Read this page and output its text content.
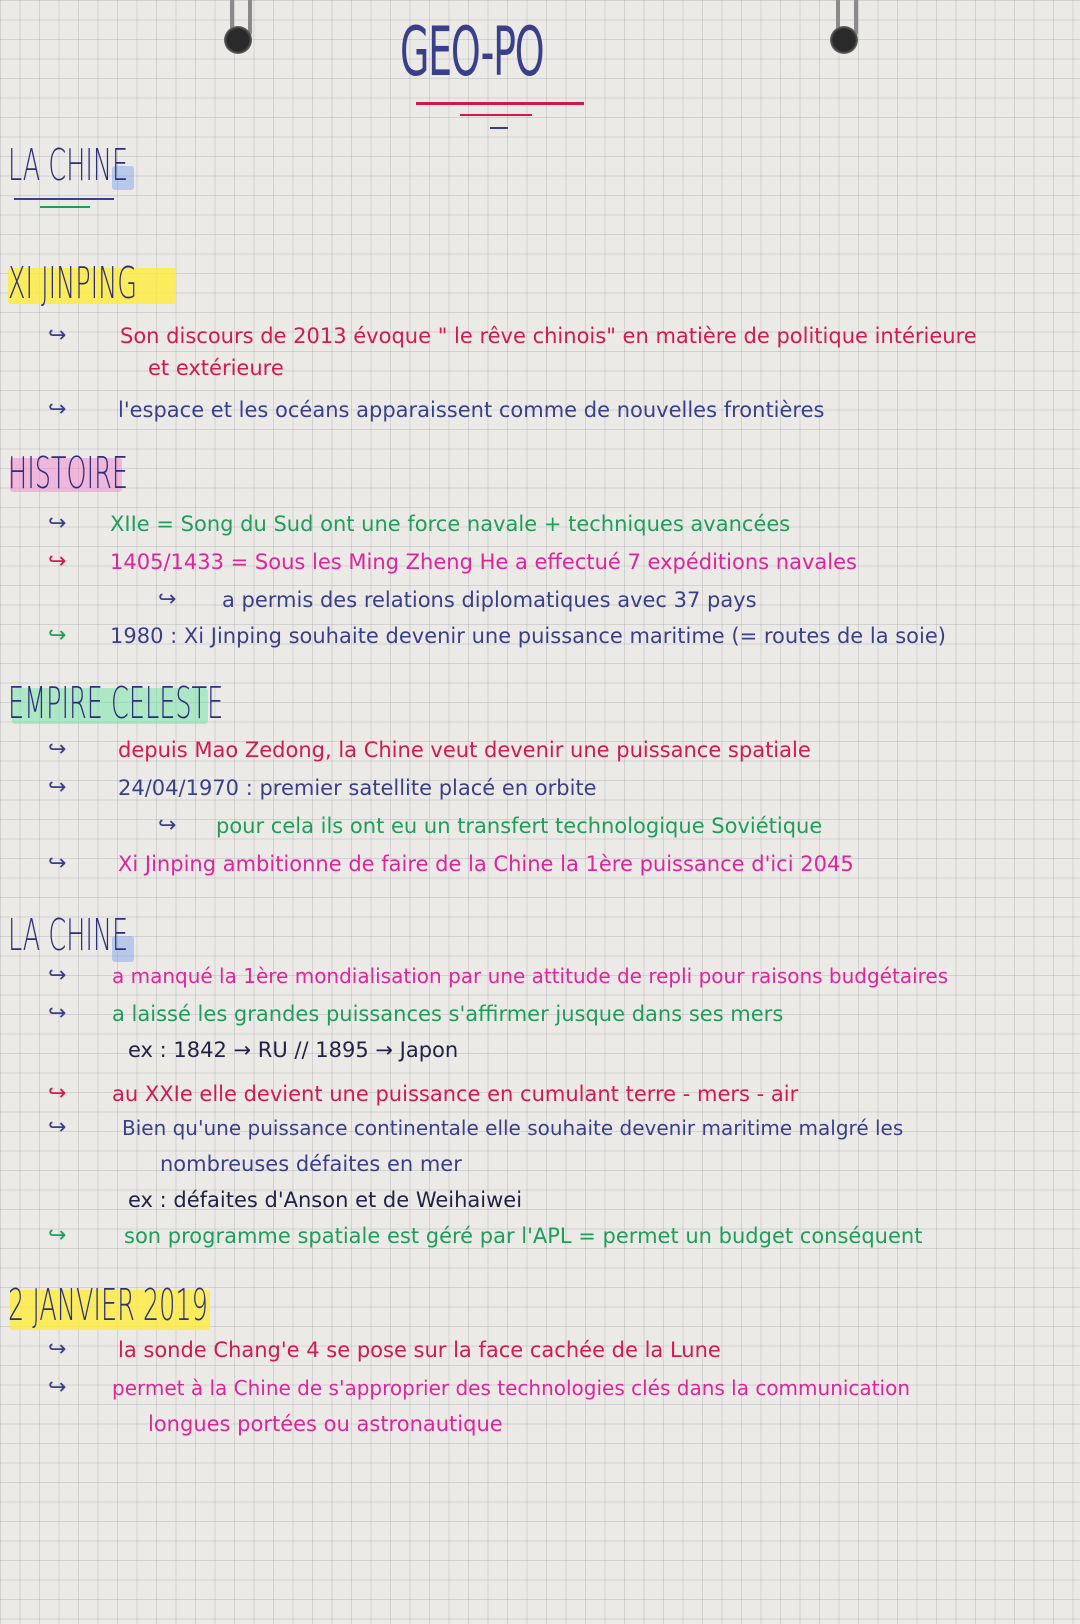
GEO-PO
LA CHINE
XI JINPING
↪	Son discours de 2013 évoque " le rêve chinois" en matière de politique intérieure
et extérieure
↪ l'espace et les océans apparaissent comme de nouvelles frontières
HISTOIRE
↪ XIIe = Song du Sud ont une force navale + techniques avancées
↪ 1405/1433 = Sous les Ming Zheng He a effectué 7 expéditions navales
↪ a permis des relations diplomatiques avec 37 pays
↪ 1980 : Xi Jinping souhaite devenir une puissance maritime (= routes de la soie)
EMPIRE CELESTE
↪ depuis Mao Zedong, la Chine veut devenir une puissance spatiale
↪ 24/04/1970 : premier satellite placé en orbite
↪ pour cela ils ont eu un transfert technologique Soviétique
↪ Xi Jinping ambitionne de faire de la Chine la 1ère puissance d'ici 2045
LA CHINE
↪ a manqué la 1ère mondialisation par une attitude de repli pour raisons budgétaires
↪ a laissé les grandes puissances s'affirmer jusque dans ses mers
ex : 1842 → RU // 1895 → Japon
↪ au XXIe elle devient une puissance en cumulant terre - mers - air
↪	Bien qu'une puissance continentale elle souhaite devenir maritime malgré les
nombreuses défaites en mer
ex : défaites d'Anson et de Weihaiwei
↪	son programme spatiale est géré par l'APL = permet un budget conséquent
2 JANVIER 2019
↪ la sonde Chang'e 4 se pose sur la face cachée de la Lune
↪ permet à la Chine de s'approprier des technologies clés dans la communication
longues portées ou astronautique
